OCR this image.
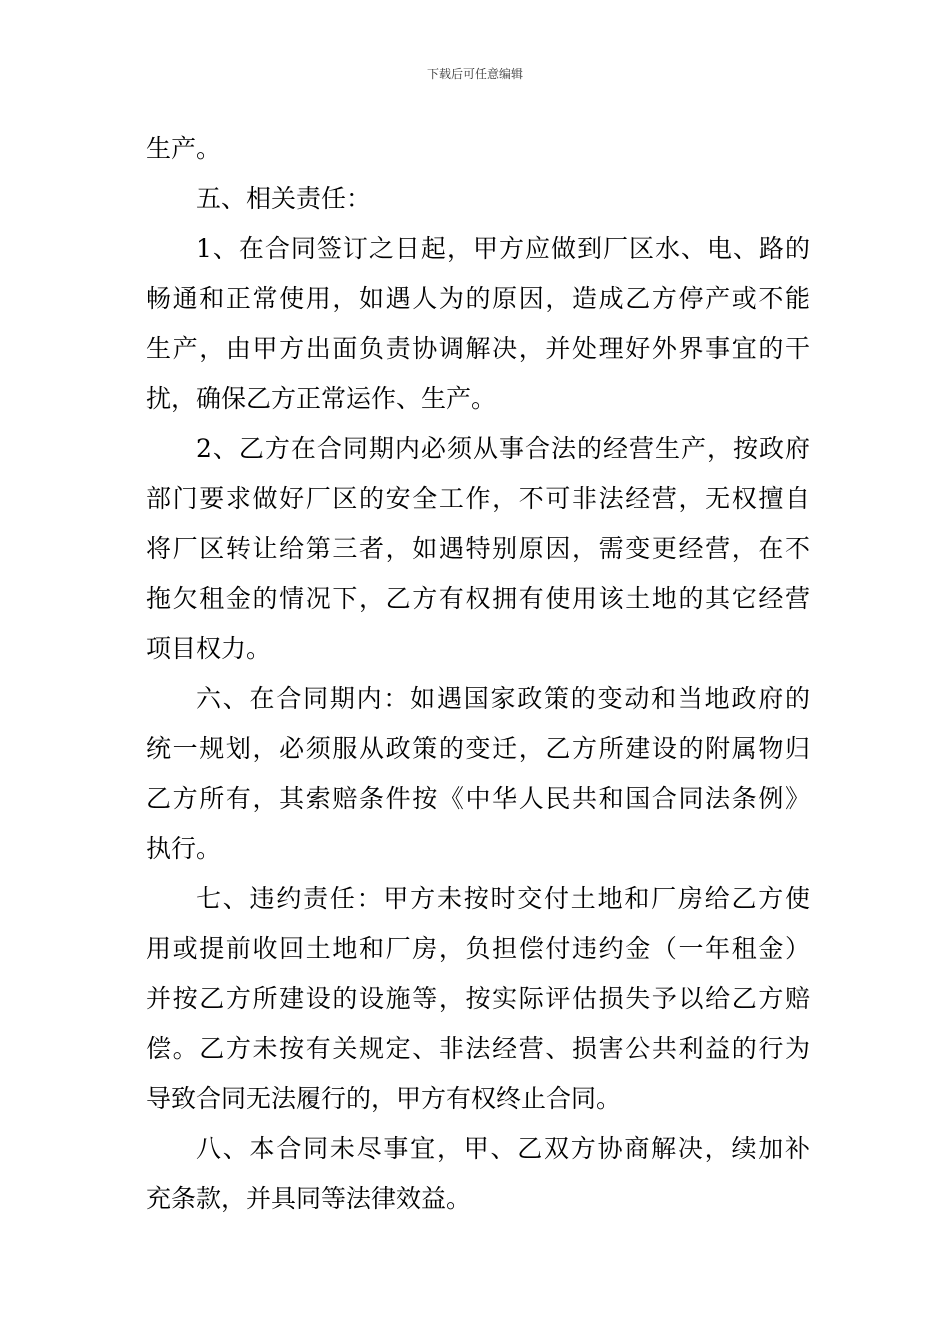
下载后可任意编辑
生产。
五、相关责任：
1、在合同签订之日起，甲方应做到厂区水、电、路的
畅通和正常使用，如遇人为的原因，造成乙方停产或不能
生产，由甲方出面负责协调解决，并处理好外界事宜的干
扰，确保乙方正常运作、生产。
2、乙方在合同期内必须从事合法的经营生产，按政府
部门要求做好厂区的安全工作，不可非法经营，无权擅自
将厂区转让给第三者，如遇特别原因，需变更经营，在不
拖欠租金的情况下，乙方有权拥有使用该土地的其它经营
项目权力。
六、在合同期内：如遇国家政策的变动和当地政府的
统一规划，必须服从政策的变迁，乙方所建设的附属物归
乙方所有，其索赔条件按《中华人民共和国合同法条例》
执行。
七、违约责任：甲方未按时交付土地和厂房给乙方使
用或提前收回土地和厂房，负担偿付违约金（一年租金）
并按乙方所建设的设施等，按实际评估损失予以给乙方赔
偿。乙方未按有关规定、非法经营、损害公共利益的行为
导致合同无法履行的，甲方有权终止合同。
八、本合同未尽事宜，甲、乙双方协商解决，续加补
充条款，并具同等法律效益。
